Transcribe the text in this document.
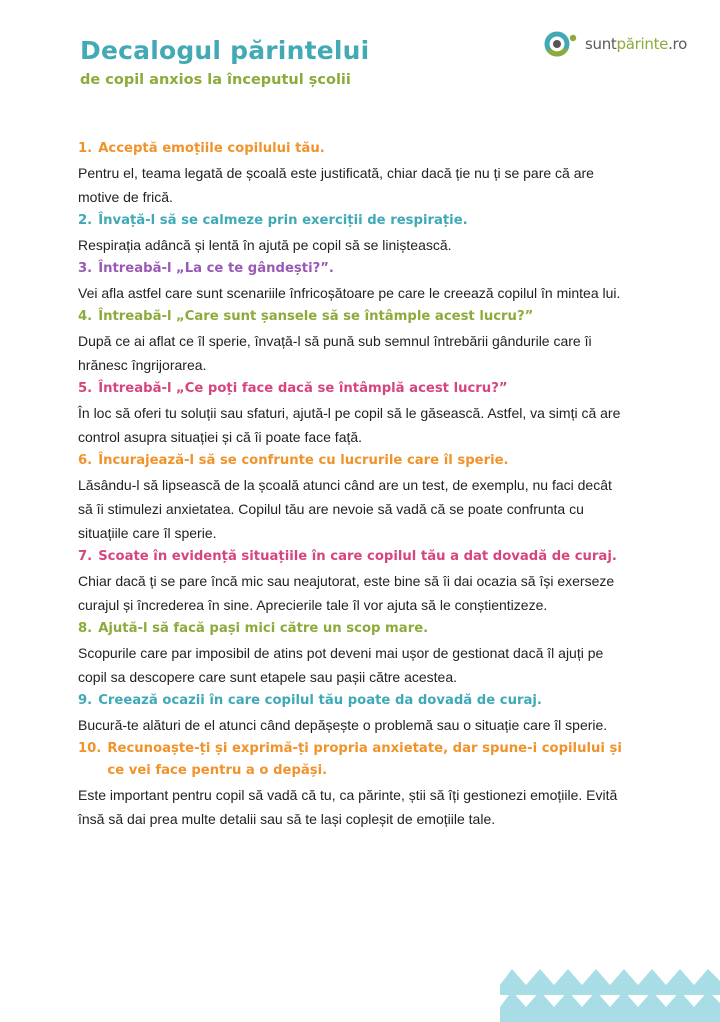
Decalogul părintelui
de copil anxios la începutul școlii
suntpărinte.ro
1. Acceptă emoțiile copilului tău.

Pentru el, teama legată de școală este justificată, chiar dacă ție nu ți se pare că are motive de frică.

2. Învață-l să se calmeze prin exerciții de respirație.

Respirația adâncă și lentă în ajută pe copil să se liniștească.

3. Întreabă-l „La ce te gândești?”.

Vei afla astfel care sunt scenariile înfricoșătoare pe care le creează copilul în mintea lui.

4. Întreabă-l „Care sunt șansele să se întâmple acest lucru?”

După ce ai aflat ce îl sperie, învață-l să pună sub semnul întrebării gândurile care îi hrănesc îngrijorarea.

5. Întreabă-l „Ce poți face dacă se întâmplă acest lucru?”

În loc să oferi tu soluții sau sfaturi, ajută-l pe copil să le găsească. Astfel, va simți că are control asupra situației și că îi poate face față.

6. Încurajează-l să se confrunte cu lucrurile care îl sperie.

Lăsându-l să lipsească de la școală atunci când are un test, de exemplu, nu faci decât să îi stimulezi anxietatea. Copilul tău are nevoie să vadă că se poate confrunta cu situațiile care îl sperie.

7. Scoate în evidență situațiile în care copilul tău a dat dovadă de curaj.

Chiar dacă ți se pare încă mic sau neajutorat, este bine să îi dai ocazia să își exerseze curajul și încrederea în sine. Aprecierile tale îl vor ajuta să le conștientizeze.

8. Ajută-l să facă pași mici către un scop mare.

Scopurile care par imposibil de atins pot deveni mai ușor de gestionat dacă îl ajuți pe copil sa descopere care sunt etapele sau pașii către acestea.

9. Creează ocazii în care copilul tău poate da dovadă de curaj.

Bucură-te alături de el atunci când depășește o problemă sau o situație care îl sperie.

10. Recunoaște-ți și exprimă-ți propria anxietate, dar spune-i copilului și ce vei face pentru a o depăși.

Este important pentru copil să vadă că tu, ca părinte, știi să îți gestionezi emoțiile. Evită însă să dai prea multe detalii sau să te lași copleșit de emoțiile tale.
